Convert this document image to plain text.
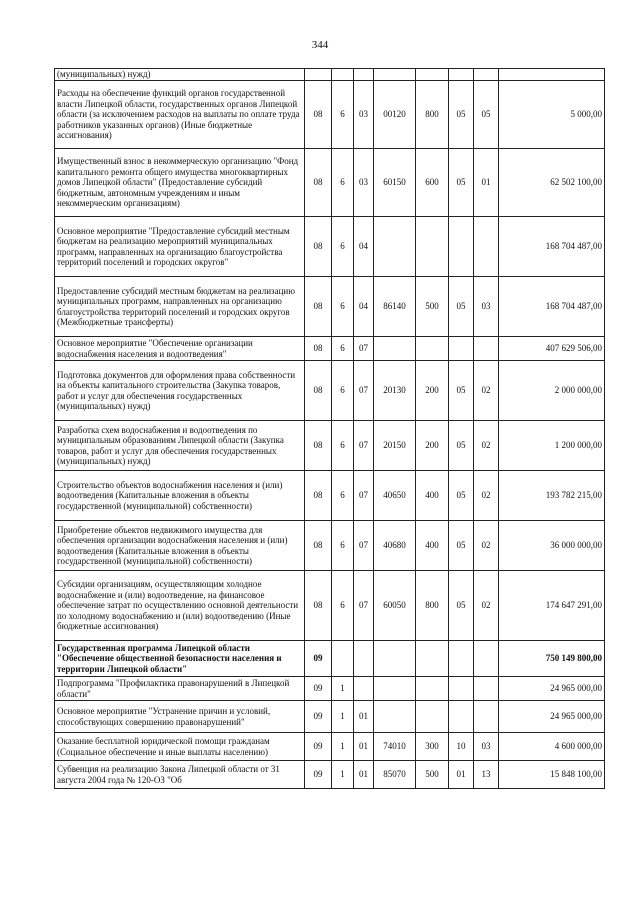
344
(муниципальных) нужд)								
Расходы на обеспечение функций органов государственной власти Липецкой области, государственных органов Липецкой области (за исключением расходов на выплаты по оплате труда работников указанных органов) (Иные бюджетные ассигнования)	08	6	03	00120	800	05	05	5 000,00
Имущественный взнос в некоммерческую организацию "Фонд капитального ремонта общего имущества многоквартирных домов Липецкой области" (Предоставление субсидий бюджетным, автономным учреждениям и иным некоммерческим организациям)	08	6	03	60150	600	05	01	62 502 100,00
Основное мероприятие "Предоставление субсидий местным бюджетам на реализацию мероприятий муниципальных программ, направленных на организацию благоустройства территорий поселений и городских округов"	08	6	04					168 704 487,00
Предоставление субсидий местным бюджетам на реализацию муниципальных программ, направленных на организацию благоустройства территорий поселений и городских округов (Межбюджетные трансферты)	08	6	04	86140	500	05	03	168 704 487,00
Основное мероприятие "Обеспечение организации водоснабжения населения и водоотведения"	08	6	07					407 629 506,00
Подготовка документов для оформления права собственности на объекты капитального строительства (Закупка товаров, работ и услуг для обеспечения государственных (муниципальных) нужд)	08	6	07	20130	200	05	02	2 000 000,00
Разработка схем водоснабжения и водоотведения по муниципальным образованиям Липецкой области (Закупка товаров, работ и услуг для обеспечения государственных (муниципальных) нужд)	08	6	07	20150	200	05	02	1 200 000,00
Строительство объектов водоснабжения населения и (или) водоотведения (Капитальные вложения в объекты государственной (муниципальной) собственности)	08	6	07	40650	400	05	02	193 782 215,00
Приобретение объектов недвижимого имущества для обеспечения организации водоснабжения населения и (или) водоотведения (Капитальные вложения в объекты государственной (муниципальной) собственности)	08	6	07	40680	400	05	02	36 000 000,00
Субсидии организациям, осуществляющим холодное водоснабжение и (или) водоотведение, на финансовое обеспечение затрат по осуществлению основной деятельности по холодному водоснабжению и (или) водоотведению (Иные бюджетные ассигнования)	08	6	07	60050	800	05	02	174 647 291,00
Государственная программа Липецкой области "Обеспечение общественной безопасности населения и территории Липецкой области"	09							750 149 800,00
Подпрограмма "Профилактика правонарушений в Липецкой области"	09	1						24 965 000,00
Основное мероприятие "Устранение причин и условий, способствующих совершению правонарушений"	09	1	01					24 965 000,00
Оказание бесплатной юридической помощи гражданам (Социальное обеспечение и иные выплаты населению)	09	1	01	74010	300	10	03	4 600 000,00
Субвенция на реализацию Закона Липецкой области от 31 августа 2004 года № 120-ОЗ "Об	09	1	01	85070	500	01	13	15 848 100,00
